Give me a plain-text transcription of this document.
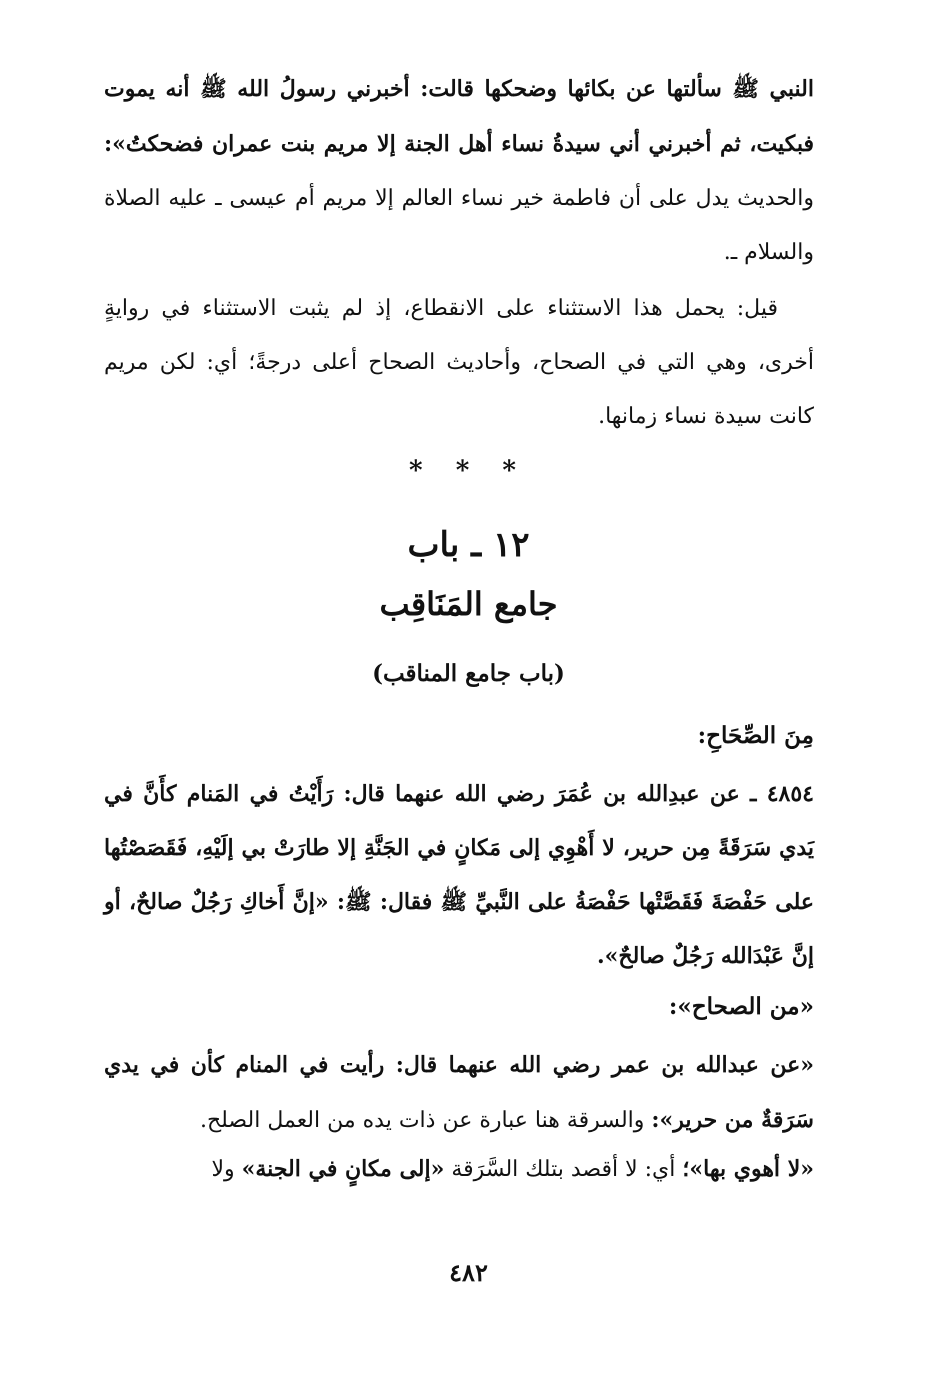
النبي ﷺ سألتها عن بكائها وضحكها قالت: أخبرني رسولُ الله ﷺ أنه يموت فبكيت، ثم أخبرني أني سيدةُ نساء أهل الجنة إلا مريم بنت عمران فضحكتُ»: والحديث يدل على أن فاطمة خير نساء العالم إلا مريم أم عيسى ـ عليه الصلاة والسلام ـ.

قيل: يحمل هذا الاستثناء على الانقطاع، إذ لم يثبت الاستثناء في روايةٍ أخرى، وهي التي في الصحاح، وأحاديث الصحاح أعلى درجةً؛ أي: لكن مريم كانت سيدة نساء زمانها.

* * *
١٢ ـ باب
جامع المَنَاقِب
(باب جامع المناقب)

مِنَ الصِّحَاحِ:

٤٨٥٤ ـ عن عبدِالله بن عُمَرَ رضي الله عنهما قال: رَأَيْتُ في المَنام كأَنَّ في يَدي سَرَقَةً مِن حرير، لا أَهْوِي إلى مَكانٍ في الجَنَّةِ إلا طارَتْ بي إلَيْهِ، فَقَصَصْتُها على حَفْصَةَ فَقَصَّتْها حَفْصَةُ على النَّبيِّ ﷺ فقال: ﷺ: «إنَّ أَخاكِ رَجُلٌ صالحٌ، أو إنَّ عَبْدَالله رَجُلٌ صالحٌ».

«من الصحاح»:

«عن عبدالله بن عمر رضي الله عنهما قال: رأيت في المنام كأن في يدي سَرَقةٌ من حرير»: والسرقة هنا عبارة عن ذات يده من العمل الصلح.

«لا أهوي بها»؛ أي: لا أقصد بتلك السَّرَقة «إلى مكانٍ في الجنة» ولا

٤٨٢
